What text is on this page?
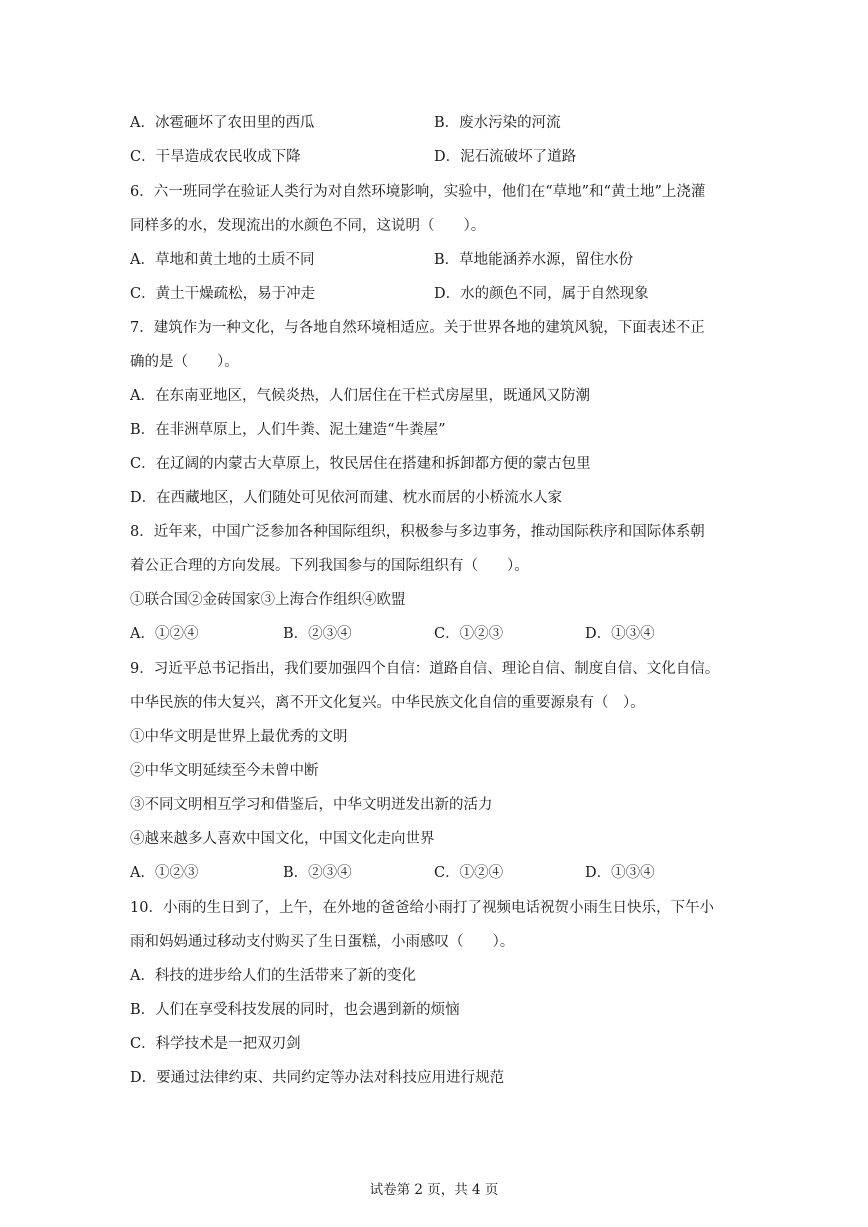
A．冰雹砸坏了农田里的西瓜	B．废水污染的河流
C．干旱造成农民收成下降	D．泥石流破坏了道路
6．六一班同学在验证人类行为对自然环境影响，实验中，他们在“草地”和“黄土地”上浇灌
同样多的水，发现流出的水颜色不同，这说明（　　）。
A．草地和黄土地的土质不同	B．草地能涵养水源，留住水份
C．黄土干燥疏松，易于冲走	D．水的颜色不同，属于自然现象
7．建筑作为一种文化，与各地自然环境相适应。关于世界各地的建筑风貌，下面表述不正
确的是（　　）。
A．在东南亚地区，气候炎热，人们居住在干栏式房屋里，既通风又防潮
B．在非洲草原上，人们牛粪、泥土建造“牛粪屋”
C．在辽阔的内蒙古大草原上，牧民居住在搭建和拆卸都方便的蒙古包里
D．在西藏地区，人们随处可见依河而建、枕水而居的小桥流水人家
8．近年来，中国广泛参加各种国际组织，积极参与多边事务，推动国际秩序和国际体系朝
着公正合理的方向发展。下列我国参与的国际组织有（　　）。
①联合国②金砖国家③上海合作组织④欧盟
A．①②④	B．②③④	C．①②③	D．①③④
9．习近平总书记指出，我们要加强四个自信：道路自信、理论自信、制度自信、文化自信。
中华民族的伟大复兴，离不开文化复兴。中华民族文化自信的重要源泉有（　）。
①中华文明是世界上最优秀的文明
②中华文明延续至今未曾中断
③不同文明相互学习和借鉴后，中华文明迸发出新的活力
④越来越多人喜欢中国文化，中国文化走向世界
A．①②③	B．②③④	C．①②④	D．①③④
10．小雨的生日到了，上午，在外地的爸爸给小雨打了视频电话祝贺小雨生日快乐，下午小
雨和妈妈通过移动支付购买了生日蛋糕，小雨感叹（　　）。
A．科技的进步给人们的生活带来了新的变化
B．人们在享受科技发展的同时，也会遇到新的烦恼
C．科学技术是一把双刃剑
D．要通过法律约束、共同约定等办法对科技应用进行规范
试卷第 2 页，共 4 页
